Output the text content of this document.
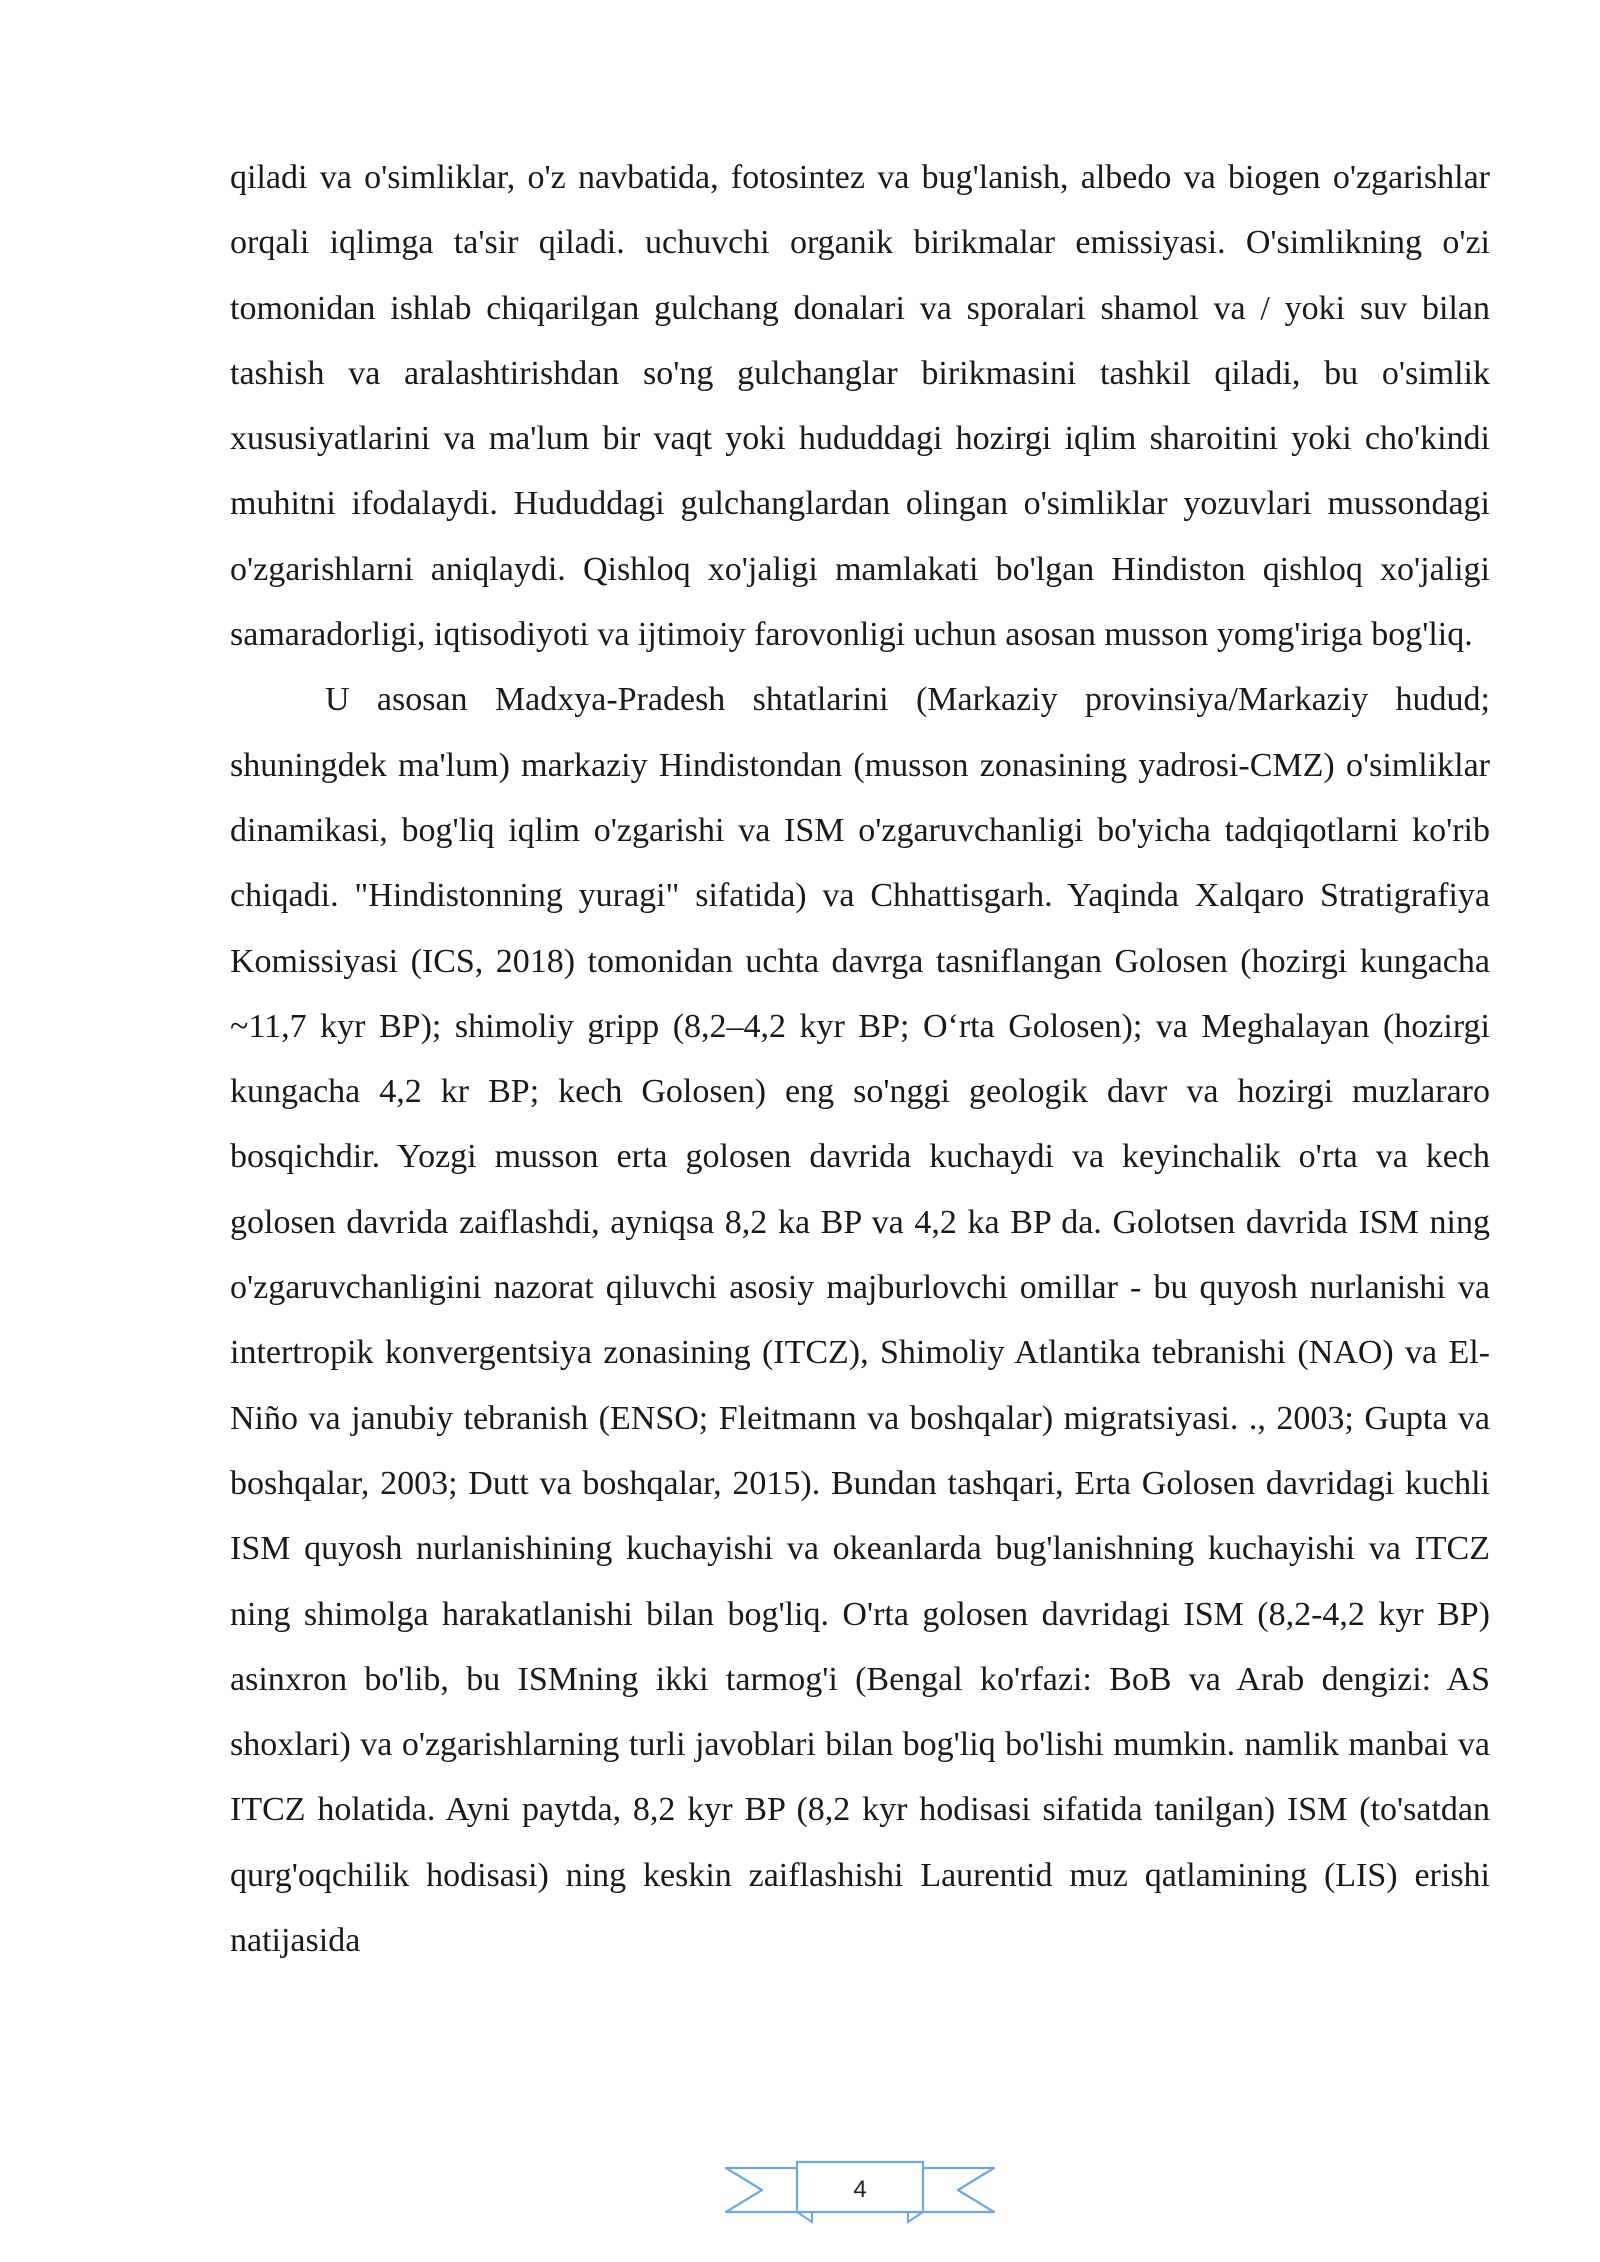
qiladi va o'simliklar, o'z navbatida, fotosintez va bug'lanish, albedo va biogen o'zgarishlar orqali iqlimga ta'sir qiladi. uchuvchi organik birikmalar emissiyasi. O'simlikning o'zi tomonidan ishlab chiqarilgan gulchang donalari va sporalari shamol va / yoki suv bilan tashish va aralashtirishdan so'ng gulchanglar birikmasini tashkil qiladi, bu o'simlik xususiyatlarini va ma'lum bir vaqt yoki hududdagi hozirgi iqlim sharoitini yoki cho'kindi muhitni ifodalaydi. Hududdagi gulchanglardan olingan o'simliklar yozuvlari mussondagi o'zgarishlarni aniqlaydi. Qishloq xo'jaligi mamlakati bo'lgan Hindiston qishloq xo'jaligi samaradorligi, iqtisodiyoti va ijtimoiy farovonligi uchun asosan musson yomg'iriga bog'liq.

U asosan Madxya-Pradesh shtatlarini (Markaziy provinsiya/Markaziy hudud; shuningdek ma'lum) markaziy Hindistondan (musson zonasining yadrosi-CMZ) o'simliklar dinamikasi, bog'liq iqlim o'zgarishi va ISM o'zgaruvchanligi bo'yicha tadqiqotlarni ko'rib chiqadi. "Hindistonning yuragi" sifatida) va Chhattisgarh. Yaqinda Xalqaro Stratigrafiya Komissiyasi (ICS, 2018) tomonidan uchta davrga tasniflangan Golosen (hozirgi kungacha ~11,7 kyr BP); shimoliy gripp (8,2–4,2 kyr BP; O‘rta Golosen); va Meghalayan (hozirgi kungacha 4,2 kr BP; kech Golosen) eng so'nggi geologik davr va hozirgi muzlararo bosqichdir. Yozgi musson erta golosen davrida kuchaydi va keyinchalik o'rta va kech golosen davrida zaiflashdi, ayniqsa 8,2 ka BP va 4,2 ka BP da. Golotsen davrida ISM ning o'zgaruvchanligini nazorat qiluvchi asosiy majburlovchi omillar - bu quyosh nurlanishi va intertropik konvergentsiya zonasining (ITCZ), Shimoliy Atlantika tebranishi (NAO) va El-Niño va janubiy tebranish (ENSO; Fleitmann va boshqalar) migratsiyasi. ., 2003; Gupta va boshqalar, 2003; Dutt va boshqalar, 2015). Bundan tashqari, Erta Golosen davridagi kuchli ISM quyosh nurlanishining kuchayishi va okeanlarda bug'lanishning kuchayishi va ITCZ ning shimolga harakatlanishi bilan bog'liq. O'rta golosen davridagi ISM (8,2-4,2 kyr BP) asinxron bo'lib, bu ISMning ikki tarmog'i (Bengal ko'rfazi: BoB va Arab dengizi: AS shoxlari) va o'zgarishlarning turli javoblari bilan bog'liq bo'lishi mumkin. namlik manbai va ITCZ holatida. Ayni paytda, 8,2 kyr BP (8,2 kyr hodisasi sifatida tanilgan) ISM (to'satdan qurg'oqchilik hodisasi) ning keskin zaiflashishi Laurentid muz qatlamining (LIS) erishi natijasida

4
